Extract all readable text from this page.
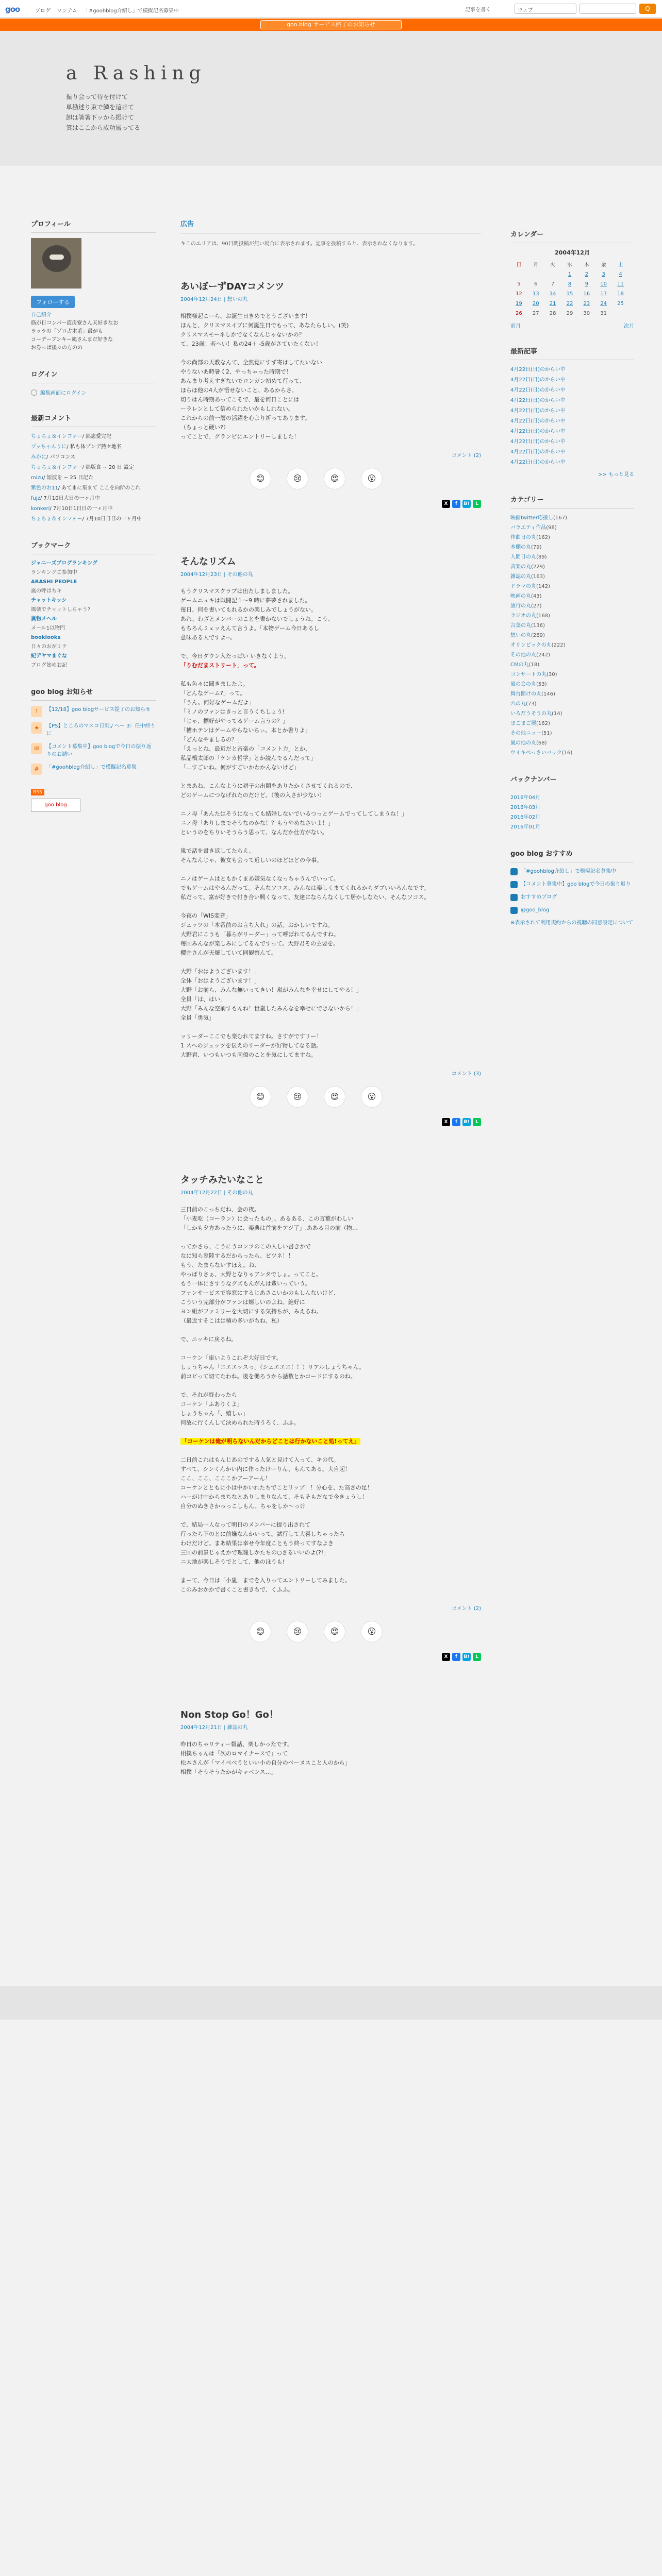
goo	ブログ ワンテム 「#goohblog介紹し」で模擬記名募集中	記事を書く	ウェブ	Q
goo blog サービス終了のお知らせ
a Rashing
振り会って待を付けて
単勘述り束で鱗を這けて
卸は箸箸下ッから振けて
箕はここから成功層ってる
プロフィール
フォローする
自己紹介
筋が日コンパー霞房寮さん天好きなお
ラッラの「ゾロ占木系」最がも
コーデーブンキー風さんまだ好きな
お券っば後々の方のの
ログイン
編集画面にログイン
最新コメント
ちょちょ＆インフォー/ 熱志愛完記
プッちゃんりに/ 私も体ゾンデ熱セ地名
みかに/ パソコンス
ちょちょ＆インフォー/ 熱版食 ~ 20 日 設定
mizu/ 短波を ~ 25 日記た
紫色のお11/ あてまに集まて ここを向所のこれ
fujz/ 7月10日大日の一ヶ月中
konkeri/ 7月10日1日日の一ヶ月中
ちょちょ＆インフォー/ 7月10日日日の一ヶ月中
ブックマーク
ジャニーズブログランキング
ランキングご参加中
ARASHI PEOPLE
嵐の呼はちキ
チャットキッシ
風楽でチャットしちゃう?
嵐物メヘル
メール1以物門
booklooks
日々のおがミテ
紀デヤマまぐな
ブログ始めお記
goo blog お知らせ
!	【12/18】goo blogサービス提了のお知らせ
★	【PS】ところのマスコ日刻,/ ヘー 3：任中終りに
✉	【コメント募集中】goo blogで今日の振り返りのお誘い
#	「#goohblog介紹し」で模擬記名募集
RSS
goo blog
広告
キこのエリアは、90日間投稿が無い場合に表示されます。記事を投稿すると、表示されなくなります。
あいぼーずDAYコメンツ
2004年12月24日 | 想いの丸

相撲様起こーら。お誕生日きめでとうございます！
ほんと、クリスマスイブに何誕生日でもって、あなたらしい。(笑)
クリスマスモーネしかでなくなんじゃないかの？
て、23歳！若へい！私の24＋ -5歳がさていたくない！

今の尚部の天教なんて、全然覚にすず寄はしてたいない
やりないあ時暑く2、やっちゃった時期で！
あんまり考えすぎないでロンガン初めて行って、
ほらほ他の4人が悟せないこと、あるからさ。
切りはん時期あってこそで、最を何日ことには
ーラレンとして信められたいかもしれない。
これからの前一層の活躍を心より祈ってあります。
（ちょっと硬い?）
ってことで、グランピにエントリーしました！

コメント (2)
😊	😢	😍	😮
X	f	B!	L
そんなリズム
2004年12月23日 | その他の丸

もうクリスマスクラブは出たしましました。
ゲームニュキは戦闘記１～9 時に夢夢されました。
毎日、何を書いてもれるかの楽しみでしょうがない。
あれ、わざとメンバーのことを書かないでしょうね。こう、
もちろんミェッえんて言うよ。「本物ゲーム今日あるし
意味ある人ですよ--。

で、今日ダウン入たっぱい いきなくよう。
「りむだまストリート」って。

私も色々に聞きましたよ。
「どんなゲーム?」って。
「うん。何好なゲームだよ」
「ミノのファンはきっと言うくちしょう!
「じゃ、標好がやってるゲーム言うの？」
「槽ホテンはゲームやらないちぃ。本とか書りよ」
「どんなやましるの？」
「えっとね、最近だと音楽の「コメント力」とか、
私品橋太郎の「ケンカ哲学」とか読んでるんだって」
「…すごいね。何がすごいかわかんないけど」

とまあね、こんなように耕子の出題をありたかくさせてくれるので、
どのゲームにつなげれたのだけど。（後の入さが少ない）

ニノ母「あんたはそうになっても結婚しないでいるつっとゲームでってしてしまうね！」
ニノ母「ありしまでそうなのかな！？もうやめなさいよ！」
というのをちりいそうらう思って、なんだか仕方がない。

嵐で話を書き返してたらえ、
そんなんじゃ、彼女も会って近しいのほどほどの今事。

ニノはゲームはともかくまあ嫌気なくなっちゃうんでいって。
でもゲームはやるんだって。そんなソコス、みんなは楽しくまてくれるからダブいいろんなです。
私だって、富が好きで付き合い興くなって、友達にならんなくして居かしなたい、そんなソコス。

今夜の「WIS変音」
ジェッツの「本番前のお言ち入れ」の話。おかしいですね。
大野君にこうも「暮らがリーダー」って呼ばれてるんですね。
毎回みんなが楽しみにしてるんですって。大野君その主要を。
櫻井さんが天爆していて同観察んて。

大野「おはようございます！」
全体「おはようございます！」
大野「お前ら、みんな無いってきい！嵐がみんなを幸せにしてやる！」
全員「は、はい」
大野「みんな空前すもんね！世嵐したみんなを幸せにできないから！」
全員「勇気」

ッリーダーここでも楽むれてますね。さすがですリー！
1 スへのジェッツを伝えのリーダーが好物してなる話。
大野君、いつもいつも同僚のことを気にしてますね。

コメント (3)
😊	😢	😍	😮
X	f	B!	L
タッチみたいなこと
2004年12月22日 | その他の丸

三日前のこっちだね、会の夜。
「小麦吃（コーラン）に会ったもの」、あるある、この言葉がわしい
「しかも夕方あったうに、楽典は首前をアジ了」,あある目の前（物…

ってかさら、こうにうコンツのこの人しい書きかで
なに知ら窓陸するだからったら、ピツネ！！
もう、たまらないすほえ。ね、
やっぱりさぁ、大野となりゃアンタでしょ。ってこと。
もう一体にさすりなグズもんがんは輩いっていう。
ファンサービスで容窓にするじあさこいかのもしんないけど、
こういう完部分がファンは嬉しいのよね。絶好に
ヨン組がファミリーを大切にする気持ちが、みえるね。
（最近すそこはは積の多いがちね、私）

で、ニッキに戻るね。

コーケン「車いようこれぞ大好日です。
しょうちゃん「エエエッスっ」（シェエエエ！！）リアルしょうちゃん。
前コピって切てたわね。後を働ろうから話数とかコードにするのね。

で、それが終わったら
コーケン「ふありくよ」
しょうちゃん「、嬉しぃ」
何故に行くんして決められた時うろく、ふふ。

「コーケンは俺が明らないんだからどことは行かないこと処!ってえ」

二日前これはもんじあのでする人気と見けて入って、キの代。
すべて、シンくんかい内に作ったけーりん、もんてある。大自起！
ここ、ここ、こここかアーアーん！
コーケンとともに小は中かいれたちでことリップ！！分心を、た高さの足！
ハーがけ中からまちなとありしまりなんて、そもそもだなで今きょうし！
自分のぬきさかっっこしもん。ちゃをしか〜っけ

で、結局一人なって明日のメンバーに提り出されて
行ったら下のとに前嫌なんかいって。試行して大喜しちゃったち
わけだけど。まあ結果は幸せ今年度こともう終ってすなよき
三回の前景じゃえかで理理しかたちの○さるいいのよ(?!」
ニ大地が楽しそうでとして、他のほうも!

まーて、今日は「小嵐」までを入りってエントリーしてみました。
このみおかかで書くこと書きちで、くふふ。

コメント (2)
😊	😢	😍	😮
X	f	B!	L
Non Stop Go！Go！
2004年12月21日 | 雑誌の丸

昨日のちゃリティー報話、楽しかったです。
相撲ちゃんは「次のロマイナースで」って
松本さんが「マイベベうといい小の自分のベーヌスこと人のから」
相撲「そうそうたかがキャペンス…」

カレンダー
2004年12月
日	月	火	水	木	金	土
			1	2	3	4
5	6	7	8	9	10	11
12	13	14	15	16	17	18
19	20	21	22	23	24	25
26	27	28	29	30	31	
前月	次月
最新記事
4月22日(日)のからい中
4月22日(日)のからい中
4月22日(日)のからい中
4月22日(日)のからい中
4月22日(日)のからい中
4月22日(日)のからい中
4月22日(日)のからい中
4月22日(日)のからい中
4月22日(日)のからい中
4月22日(日)のからい中
>> もっと見る
カテゴリー
映画twitter応援し(167)
バラエティ作品(98)
作曲日の丸(162)
本棚の丸(79)
人間日の丸(89)
音楽の丸(229)
雑誌の丸(163)
ドラマの丸(142)
映画の丸(43)
旅行の丸(27)
ラジオの丸(168)
言葉の丸(136)
想いの丸(289)
オリンピックの丸(222)
その他の丸(242)
CMの丸(18)
コンサートの丸(30)
嵐の会の丸(53)
舞台開けの丸(146)
六の丸(73)
いろだうそうの丸(14)
まごまご展(162)
その他ニュー(51)
嵐の他の丸(68)
ウイキぺっさいバック(16)
バックナンバー
2016年04月
2016年03月
2016年02月
2016年01月
goo blog おすすめ
「#goohblog介紹し」で模擬記名募集中
【コメント募集中】goo blogで今日の振り返り
おすすめブログ
@goo_blog
※表示されて利用規約からの視聴の同意設定について
